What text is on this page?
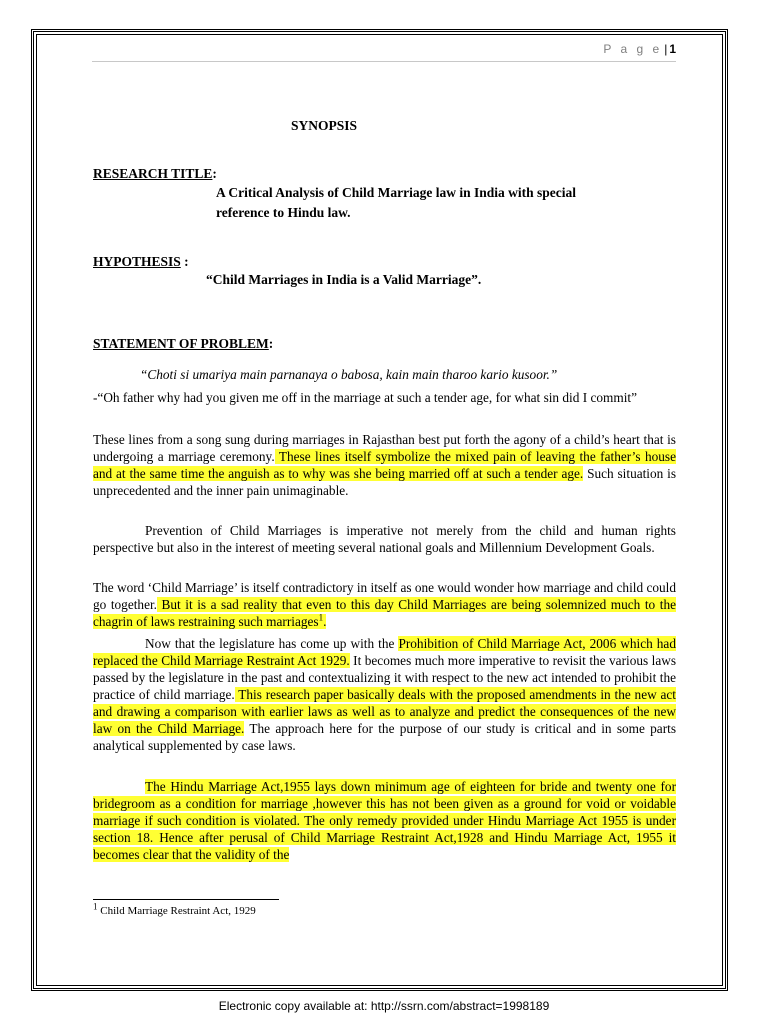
P a g e | 1
SYNOPSIS
RESEARCH TITLE:
A Critical Analysis of Child Marriage law in India with special
reference to Hindu law.
HYPOTHESIS :
“Child Marriages in India is a Valid Marriage”.
STATEMENT OF PROBLEM:
“Choti si umariya main parnanaya o babosa, kain main tharoo kario kusoor.”

-“Oh father why had you given me off in the marriage at such a tender age, for what sin did I commit”

These lines from a song sung during marriages in Rajasthan best put forth the agony of a child’s heart that is undergoing a marriage ceremony. These lines itself symbolize the mixed pain of leaving the father’s house and at the same time the anguish as to why was she being married off at such a tender age. Such situation is unprecedented and the inner pain unimaginable.

Prevention of Child Marriages is imperative not merely from the child and human rights perspective but also in the interest of meeting several national goals and Millennium Development Goals.

The word ‘Child Marriage’ is itself contradictory in itself as one would wonder how marriage and child could go together. But it is a sad reality that even to this day Child Marriages are being solemnized much to the chagrin of laws restraining such marriages$^1$.

Now that the legislature has come up with the Prohibition of Child Marriage Act, 2006 which had replaced the Child Marriage Restraint Act 1929. It becomes much more imperative to revisit the various laws passed by the legislature in the past and contextualizing it with respect to the new act intended to prohibit the practice of child marriage. This research paper basically deals with the proposed amendments in the new act and drawing a comparison with earlier laws as well as to analyze and predict the consequences of the new law on the Child Marriage. The approach here for the purpose of our study is critical and in some parts analytical supplemented by case laws.

The Hindu Marriage Act,1955 lays down minimum age of eighteen for bride and twenty one for bridegroom as a condition for marriage ,however this has not been given as a ground for void or voidable marriage if such condition is violated. The only remedy provided under Hindu Marriage Act 1955 is under section 18. Hence after perusal of Child Marriage Restraint Act,1928 and Hindu Marriage Act, 1955 it becomes clear that the validity of the

$^1$ Child Marriage Restraint Act, 1929
Electronic copy available at: http://ssrn.com/abstract=1998189
